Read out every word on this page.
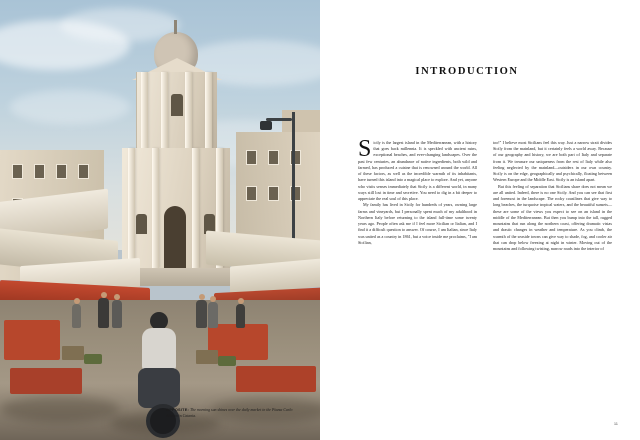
OPPOSITE: The morning sun shines over the daily market in the Piazza Carlo Alberto in Catania.
INTRODUCTION

Sicily is the largest island in the Mediterranean, with a history that goes back millennia. It is speckled with ancient ruins, exceptional beaches, and ever-changing landscapes. Over the past few centuries, an abundance of native ingredients, both wild and farmed, has produced a cuisine that is renowned around the world. All of these factors, as well as the incredible warmth of its inhabitants, have turned this island into a magical place to explore. And yet, anyone who visits senses immediately that Sicily is a different world, in many ways still lost in time and secretive. You need to dig in a bit deeper to appreciate the real soul of this place.

My family has lived in Sicily for hundreds of years, owning large farms and vineyards, but I personally spent much of my adulthood in Northern Italy before returning to the island full-time some twenty years ago. People often ask me if I feel more Sicilian or Italian, and I find it a difficult question to answer. Of course, I am Italian, since Italy was united as a country in 1861, but a voice inside me proclaims, "I am Sicilian,

too!" I believe most Sicilians feel this way. Just a narrow strait divides Sicily from the mainland, but it certainly feels a world away. Because of our geography and history, we are both part of Italy and separate from it. We treasure our uniqueness from the rest of Italy while also feeling neglected by the mainland—outsiders in our own country. Sicily is on the edge, geographically and psychically, floating between Western Europe and the Middle East. Sicily is an island apart.

But this feeling of separation that Sicilians share does not mean we are all united. Indeed, there is no one Sicily. And you can see that first and foremost in the landscape. The rocky coastlines that give way to long beaches, the turquoise tropical waters, and the beautiful sunsets—these are some of the views you expect to see on an island in the middle of the Mediterranean. But then you bump into the tall, rugged mountains that run along the northern coast, offering dramatic vistas and drastic changes in weather and temperature. As you climb, the warmth of the seaside towns can give way to shade, fog, and cooler air that can drop below freezing at night in winter. Moving out of the mountains and following twisting, narrow roads into the interior of

11
